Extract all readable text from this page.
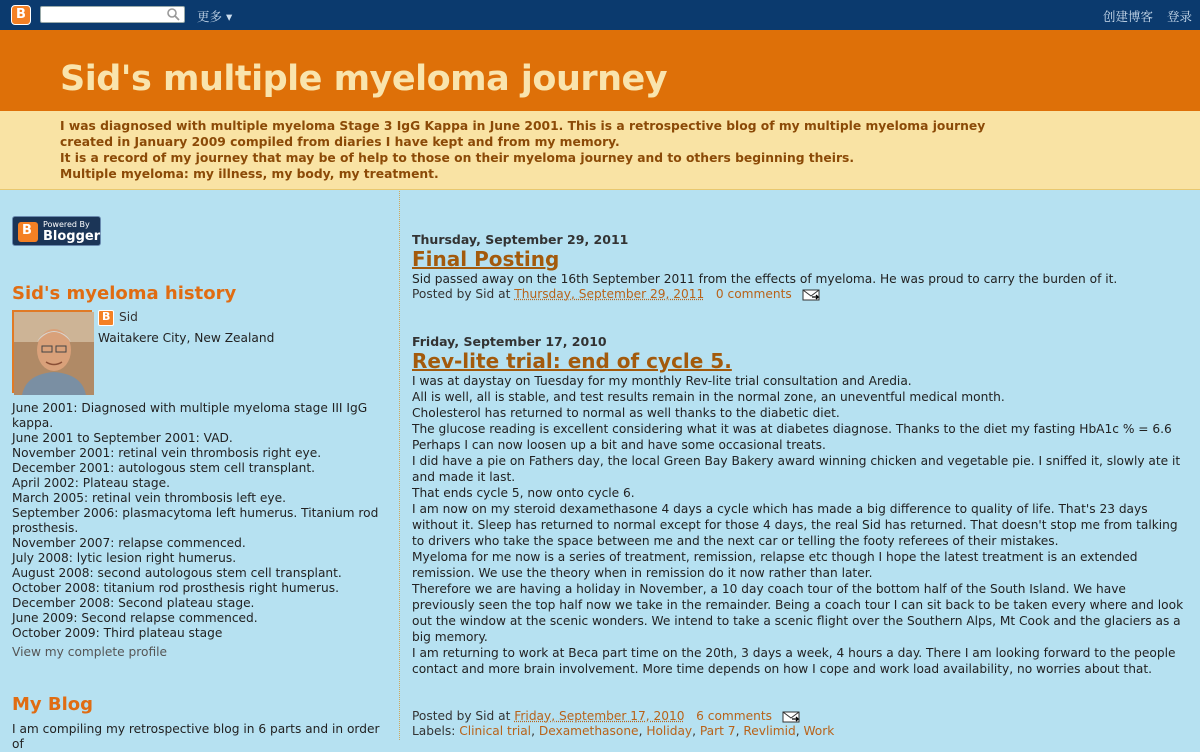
B
更多 ▾	创建博客 登录
Sid's multiple myeloma journey
I was diagnosed with multiple myeloma Stage 3 IgG Kappa in June 2001. This is a retrospective blog of my multiple myeloma journey
created in January 2009 compiled from diaries I have kept and from my memory.
It is a record of my journey that may be of help to those on their myeloma journey and to others beginning theirs.
Multiple myeloma: my illness, my body, my treatment.
B
Powered By
Blogger
Sid's myeloma history
B
Sid
Waitakere City, New Zealand
June 2001: Diagnosed with multiple myeloma stage III IgG kappa.
June 2001 to September 2001: VAD.
November 2001: retinal vein thrombosis right eye.
December 2001: autologous stem cell transplant.
April 2002: Plateau stage.
March 2005: retinal vein thrombosis left eye.
September 2006: plasmacytoma left humerus. Titanium rod prosthesis.
November 2007: relapse commenced.
July 2008: lytic lesion right humerus.
August 2008: second autologous stem cell transplant.
October 2008: titanium rod prosthesis right humerus.
December 2008: Second plateau stage.
June 2009: Second relapse commenced.
October 2009: Third plateau stage
View my complete profile
My Blog
I am compiling my retrospective blog in 6 parts and in order of
Thursday, September 29, 2011
Final Posting
Sid passed away on the 16th September 2011 from the effects of myeloma. He was proud to carry the burden of it.
Posted by Sid at Thursday, September 29, 2011 0 comments
Friday, September 17, 2010
Rev-lite trial: end of cycle 5.
I was at daystay on Tuesday for my monthly Rev-lite trial consultation and Aredia.
All is well, all is stable, and test results remain in the normal zone, an uneventful medical month.
Cholesterol has returned to normal as well thanks to the diabetic diet.
The glucose reading is excellent considering what it was at diabetes diagnose. Thanks to the diet my fasting HbA1c % = 6.6
Perhaps I can now loosen up a bit and have some occasional treats.
I did have a pie on Fathers day, the local Green Bay Bakery award winning chicken and vegetable pie. I sniffed it, slowly ate it and made it last.
That ends cycle 5, now onto cycle 6.
I am now on my steroid dexamethasone 4 days a cycle which has made a big difference to quality of life. That's 23 days without it. Sleep has returned to normal except for those 4 days, the real Sid has returned. That doesn't stop me from talking to drivers who take the space between me and the next car or telling the footy referees of their mistakes.
Myeloma for me now is a series of treatment, remission, relapse etc though I hope the latest treatment is an extended remission. We use the theory when in remission do it now rather than later.
Therefore we are having a holiday in November, a 10 day coach tour of the bottom half of the South Island. We have previously seen the top half now we take in the remainder. Being a coach tour I can sit back to be taken every where and look out the window at the scenic wonders. We intend to take a scenic flight over the Southern Alps, Mt Cook and the glaciers as a big memory.
I am returning to work at Beca part time on the 20th, 3 days a week, 4 hours a day. There I am looking forward to the people contact and more brain involvement. More time depends on how I cope and work load availability, no worries about that.
Posted by Sid at Friday, September 17, 2010 6 comments
Labels: Clinical trial, Dexamethasone, Holiday, Part 7, Revlimid, Work
